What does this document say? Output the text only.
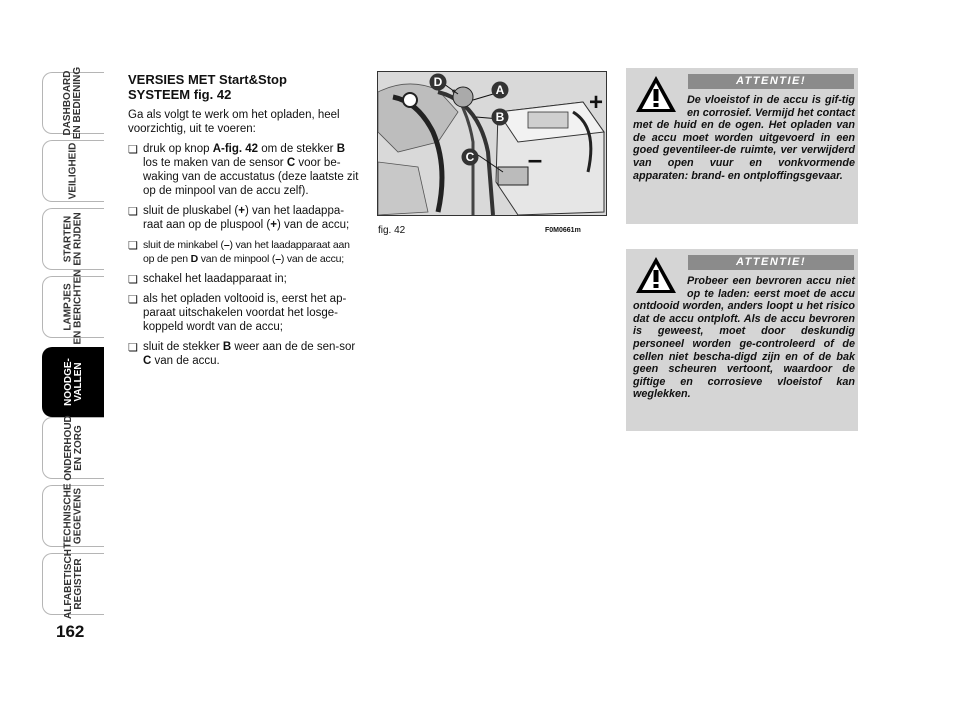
DASHBOARD
EN BEDIENING
VEILIGHEID
STARTEN
EN RIJDEN
LAMPJES
EN BERICHTEN
NOODGE-
VALLEN
ONDERHOUD
EN ZORG
TECHNISCHE
GEGEVENS
ALFABETISCH
REGISTER
162
VERSIES MET Start&Stop
SYSTEEM fig. 42

Ga als volgt te werk om het opladen, heel voorzichtig, uit te voeren:

❏ druk op knop A-fig. 42 om de stekker B los te maken van de sensor C voor be-waking van de accustatus (deze laatste zit op de minpool van de accu zelf).
❏ sluit de pluskabel (+) van het laadappa-raat aan op de pluspool (+) van de accu;
❏ sluit de minkabel (–) van het laadapparaat aan op de pen D van de minpool (–) van de accu;
❏ schakel het laadapparaat in;
❏ als het opladen voltooid is, eerst het ap-paraat uitschakelen voordat het losge-koppeld wordt van de accu;
❏ sluit de stekker B weer aan de de sen-sor C van de accu.
D
A
B
C
+
–
fig. 42	F0M0661m
ATTENTIE!
De vloeistof in de accu is gif-tig en corrosief. Vermijd het contact met de huid en de ogen. Het opladen van de accu moet worden uitgevoerd in een goed geventileer-de ruimte, ver verwijderd van open vuur en vonkvormende apparaten: brand- en ontploffingsgevaar.
ATTENTIE!
Probeer een bevroren accu niet op te laden: eerst moet de accu ontdooid worden, anders loopt u het risico dat de accu ontploft. Als de accu bevroren is geweest, moet door deskundig personeel worden ge-controleerd of de cellen niet bescha-digd zijn en of de bak geen scheuren vertoont, waardoor de giftige en corrosieve vloeistof kan weglekken.
